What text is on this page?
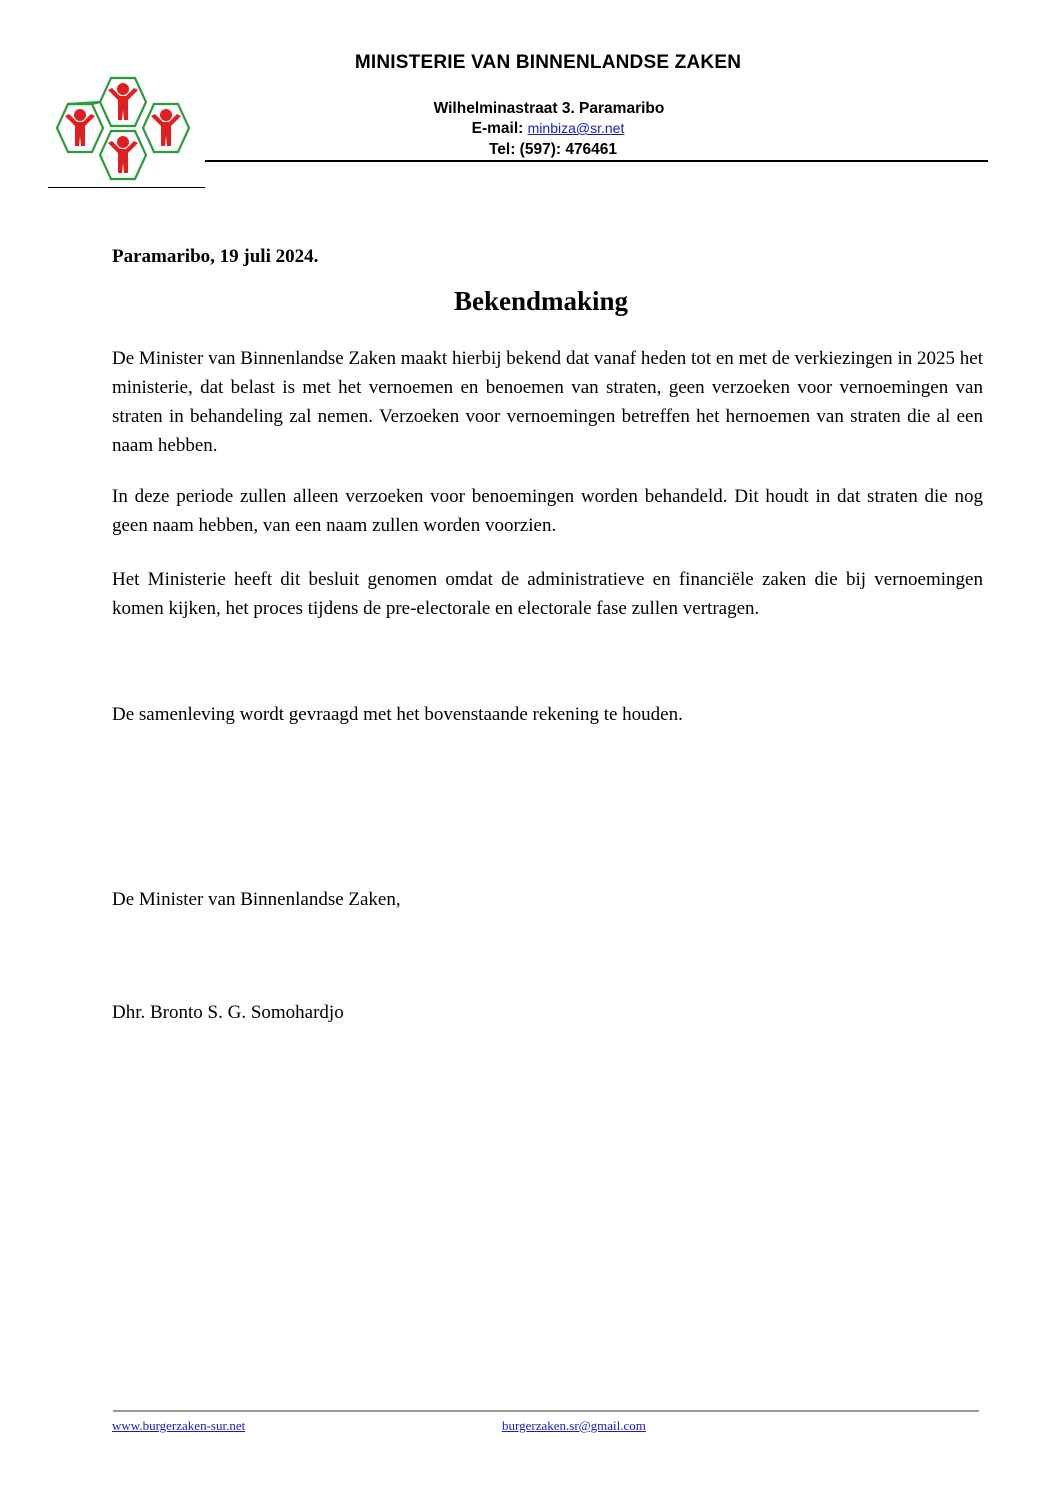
MINISTERIE VAN BINNENLANDSE ZAKEN
Wilhelminastraat 3. Paramaribo
E-mail: minbiza@sr.net
Tel: (597): 476461
Paramaribo, 19 juli 2024.
Bekendmaking
De Minister van Binnenlandse Zaken maakt hierbij bekend dat vanaf heden tot en met de verkiezingen in 2025 het ministerie, dat belast is met het vernoemen en benoemen van straten, geen verzoeken voor vernoemingen van straten in behandeling zal nemen. Verzoeken voor vernoemingen betreffen het hernoemen van straten die al een naam hebben.
In deze periode zullen alleen verzoeken voor benoemingen worden behandeld. Dit houdt in dat straten die nog geen naam hebben, van een naam zullen worden voorzien.
Het Ministerie heeft dit besluit genomen omdat de administratieve en financiële zaken die bij vernoemingen komen kijken, het proces tijdens de pre-electorale en electorale fase zullen vertragen.
De samenleving wordt gevraagd met het bovenstaande rekening te houden.
De Minister van Binnenlandse Zaken,
Dhr. Bronto S. G. Somohardjo
www.burgerzaken-sur.net	burgerzaken.sr@gmail.com
